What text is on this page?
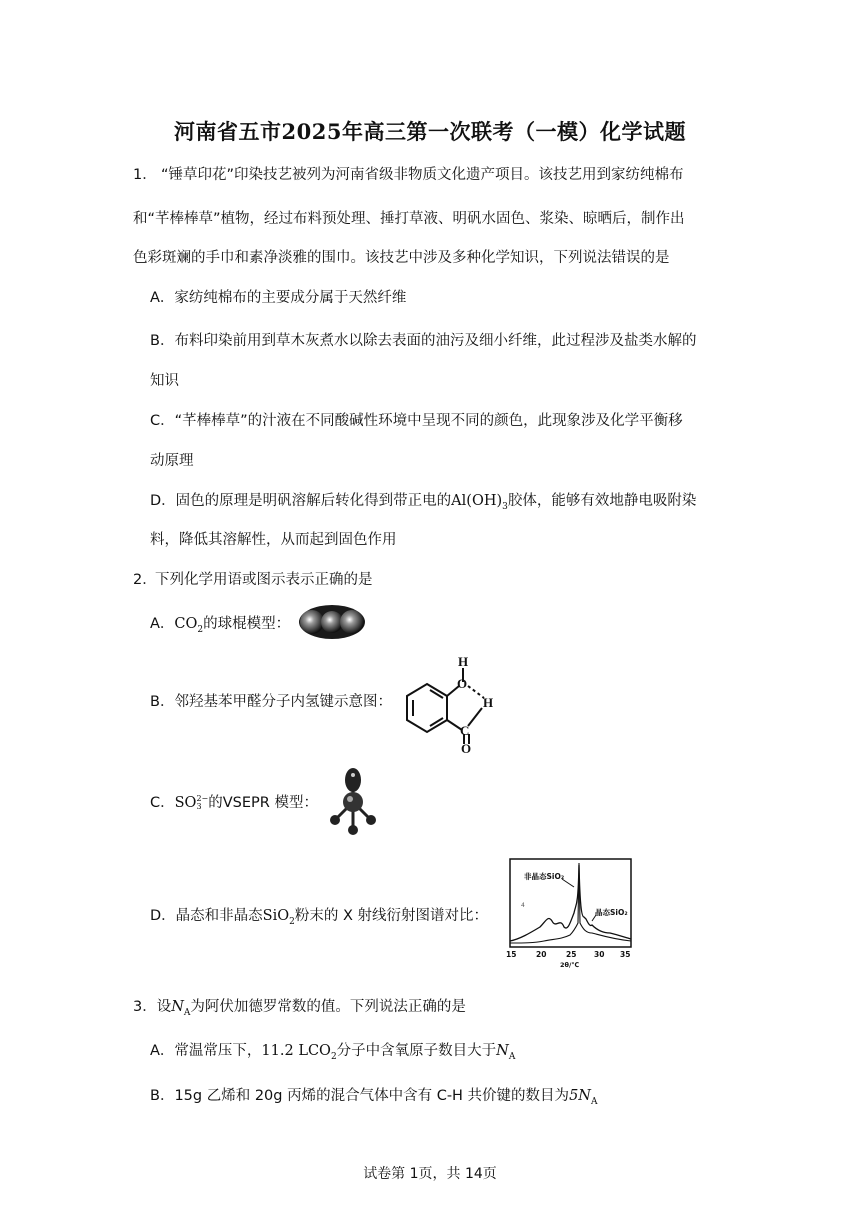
河南省五市2025年高三第一次联考（一模）化学试题
1． “锤草印花”印染技艺被列为河南省级非物质文化遗产项目。该技艺用到家纺纯棉布
和“芊棒棒草”植物，经过布料预处理、捶打草液、明矾水固色、浆染、晾晒后，制作出
色彩斑斓的手巾和素净淡雅的围巾。该技艺中涉及多种化学知识，下列说法错误的是
A．家纺纯棉布的主要成分属于天然纤维
B．布料印染前用到草木灰煮水以除去表面的油污及细小纤维，此过程涉及盐类水解的
知识
C．“芊棒棒草”的汁液在不同酸碱性环境中呈现不同的颜色，此现象涉及化学平衡移
动原理
D．固色的原理是明矾溶解后转化得到带正电的$Al(OH)_3$胶体，能够有效地静电吸附染
料，降低其溶解性，从而起到固色作用
2．
下列化学用语或图示表示正确的是
A．$CO_2$的球棍模型：
B．邻羟基苯甲醛分子内氢键示意图：
H
O
H
C
O
C．SO 2−
3 的VSEPR 模型：
D．晶态和非晶态SiO$_2$粉末的 X 射线衍射图谱对比：
非晶态SiO₂
晶态SiO₂
4
15	20	25 30 35
2θ/℃
3．设$N_A$为阿伏加德罗常数的值。下列说法正确的是
A．常温常压下，11.2 $LCO_2$分子中含氧原子数目大于$N_A$
B．15g 乙烯和 20g 丙烯的混合气体中含有 C-H 共价键的数目为$5N_A$
试卷第 1页，共 14页
